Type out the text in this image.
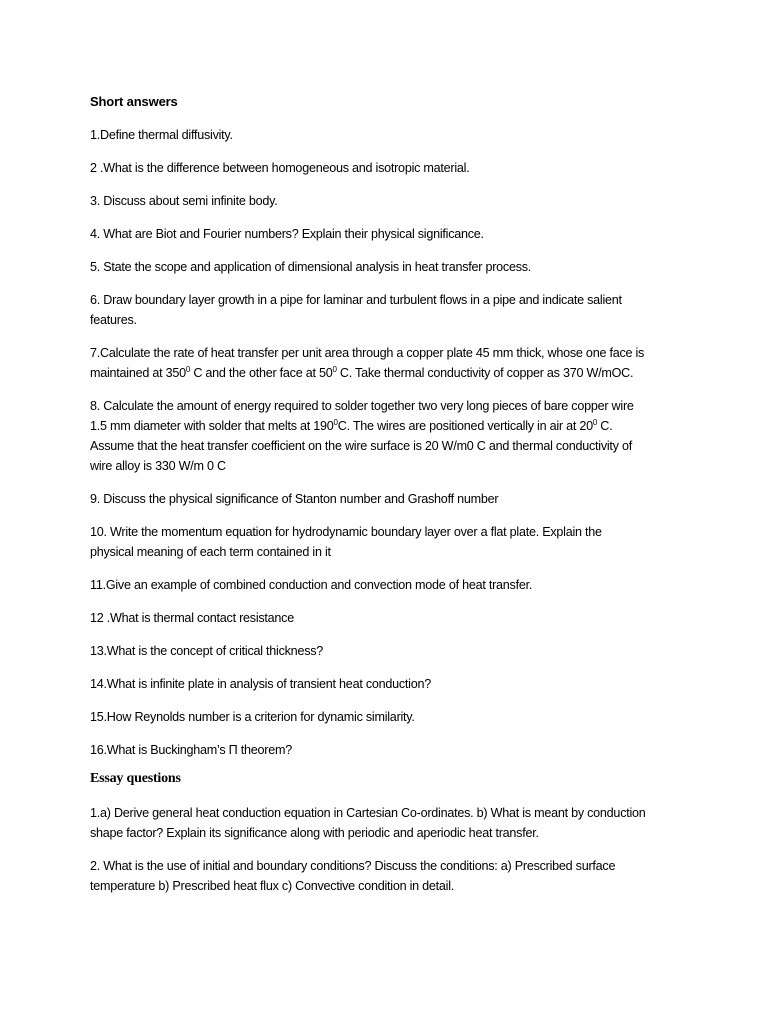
Short answers

1.Define thermal diffusivity.

2 .What is the difference between homogeneous and isotropic material.

3. Discuss about semi infinite body.

4. What are Biot and Fourier numbers? Explain their physical significance.

5. State the scope and application of dimensional analysis in heat transfer process.

6. Draw boundary layer growth in a pipe for laminar and turbulent flows in a pipe and indicate salient
features.

7.Calculate the rate of heat transfer per unit area through a copper plate 45 mm thick, whose one face is
maintained at $350^0$ C and the other face at $50^0$ C. Take thermal conductivity of copper as 370 W/mOC.

8. Calculate the amount of energy required to solder together two very long pieces of bare copper wire
1.5 mm diameter with solder that melts at $190^0C$. The wires are positioned vertically in air at $20^0$ C.
Assume that the heat transfer coefficient on the wire surface is 20 W/m0 C and thermal conductivity of
wire alloy is 330 W/m 0 C

9. Discuss the physical significance of Stanton number and Grashoff number

10. Write the momentum equation for hydrodynamic boundary layer over a flat plate. Explain the
physical meaning of each term contained in it

11.Give an example of combined conduction and convection mode of heat transfer.

12 .What is thermal contact resistance

13.What is the concept of critical thickness?

14.What is infinite plate in analysis of transient heat conduction?

15.How Reynolds number is a criterion for dynamic similarity.

16.What is Buckingham’s Π theorem?

Essay questions

1.a) Derive general heat conduction equation in Cartesian Co-ordinates. b) What is meant by conduction
shape factor? Explain its significance along with periodic and aperiodic heat transfer.

2. What is the use of initial and boundary conditions? Discuss the conditions: a) Prescribed surface
temperature b) Prescribed heat flux c) Convective condition in detail.
